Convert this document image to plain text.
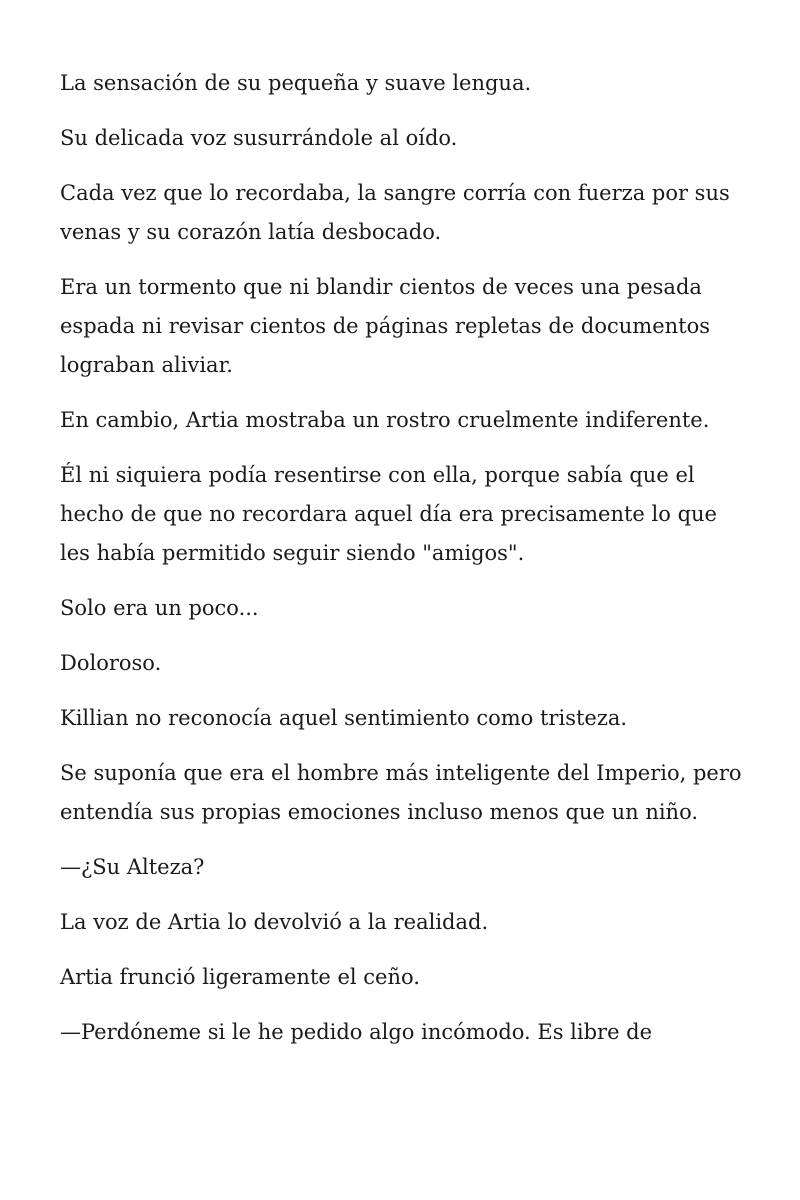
La sensación de su pequeña y suave lengua.

Su delicada voz susurrándole al oído.

Cada vez que lo recordaba, la sangre corría con fuerza por sus venas y su corazón latía desbocado.

Era un tormento que ni blandir cientos de veces una pesada espada ni revisar cientos de páginas repletas de documentos lograban aliviar.

En cambio, Artia mostraba un rostro cruelmente indiferente.

Él ni siquiera podía resentirse con ella, porque sabía que el hecho de que no recordara aquel día era precisamente lo que les había permitido seguir siendo "amigos".

Solo era un poco...

Doloroso.

Killian no reconocía aquel sentimiento como tristeza.

Se suponía que era el hombre más inteligente del Imperio, pero entendía sus propias emociones incluso menos que un niño.

—¿Su Alteza?

La voz de Artia lo devolvió a la realidad.

Artia frunció ligeramente el ceño.

—Perdóneme si le he pedido algo incómodo. Es libre de
